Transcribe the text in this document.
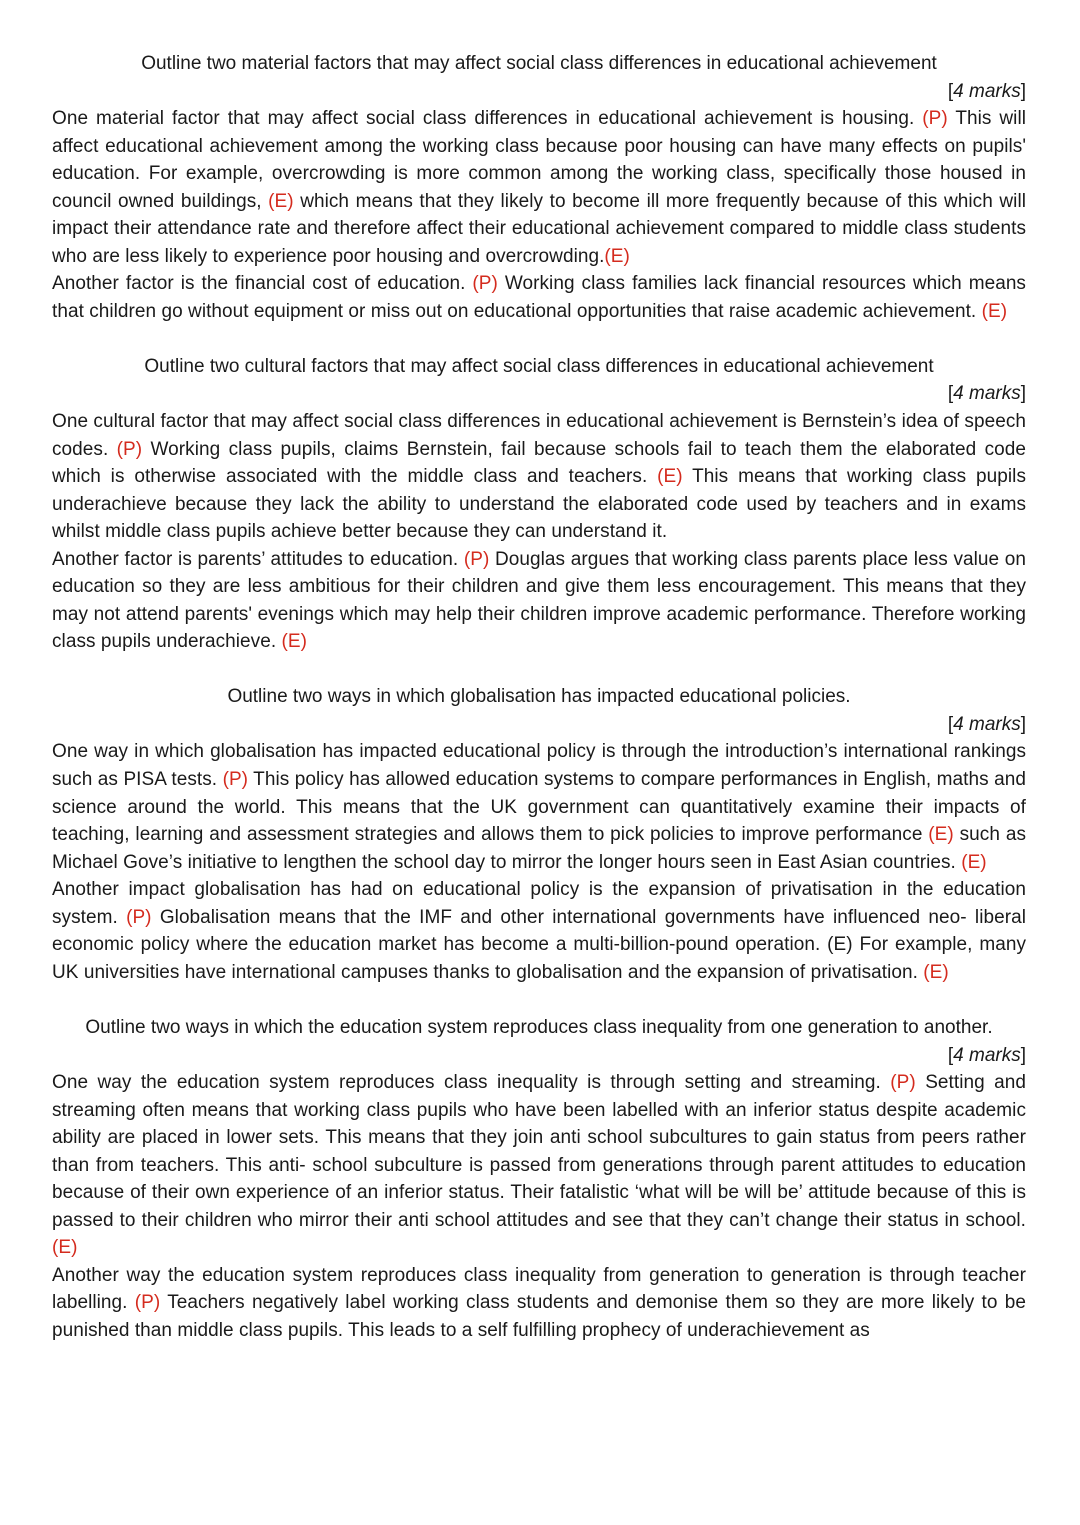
Outline two material factors that may affect social class differences in educational achievement
[4 marks]

One material factor that may affect social class differences in educational achievement is housing. (P) This will affect educational achievement among the working class because poor housing can have many effects on pupils' education. For example, overcrowding is more common among the working class, specifically those housed in council owned buildings, (E) which means that they likely to become ill more frequently because of this which will impact their attendance rate and therefore affect their educational achievement compared to middle class students who are less likely to experience poor housing and overcrowding.(E)

Another factor is the financial cost of education. (P) Working class families lack financial resources which means that children go without equipment or miss out on educational opportunities that raise academic achievement. (E)

Outline two cultural factors that may affect social class differences in educational achievement
[4 marks]

One cultural factor that may affect social class differences in educational achievement is Bernstein’s idea of speech codes. (P) Working class pupils, claims Bernstein, fail because schools fail to teach them the elaborated code which is otherwise associated with the middle class and teachers. (E) This means that working class pupils underachieve because they lack the ability to understand the elaborated code used by teachers and in exams whilst middle class pupils achieve better because they can understand it.

Another factor is parents’ attitudes to education. (P) Douglas argues that working class parents place less value on education so they are less ambitious for their children and give them less encouragement. This means that they may not attend parents' evenings which may help their children improve academic performance. Therefore working class pupils underachieve. (E)

Outline two ways in which globalisation has impacted educational policies.
[4 marks]

One way in which globalisation has impacted educational policy is through the introduction’s international rankings such as PISA tests. (P) This policy has allowed education systems to compare performances in English, maths and science around the world. This means that the UK government can quantitatively examine their impacts of teaching, learning and assessment strategies and allows them to pick policies to improve performance (E) such as Michael Gove’s initiative to lengthen the school day to mirror the longer hours seen in East Asian countries. (E)

Another impact globalisation has had on educational policy is the expansion of privatisation in the education system. (P) Globalisation means that the IMF and other international governments have influenced neo- liberal economic policy where the education market has become a multi-billion-pound operation. (E) For example, many UK universities have international campuses thanks to globalisation and the expansion of privatisation. (E)

Outline two ways in which the education system reproduces class inequality from one generation to another.
[4 marks]

One way the education system reproduces class inequality is through setting and streaming. (P) Setting and streaming often means that working class pupils who have been labelled with an inferior status despite academic ability are placed in lower sets. This means that they join anti school subcultures to gain status from peers rather than from teachers. This anti- school subculture is passed from generations through parent attitudes to education because of their own experience of an inferior status. Their fatalistic ‘what will be will be’ attitude because of this is passed to their children who mirror their anti school attitudes and see that they can’t change their status in school. (E)

Another way the education system reproduces class inequality from generation to generation is through teacher labelling. (P) Teachers negatively label working class students and demonise them so they are more likely to be punished than middle class pupils. This leads to a self fulfilling prophecy of underachievement as
